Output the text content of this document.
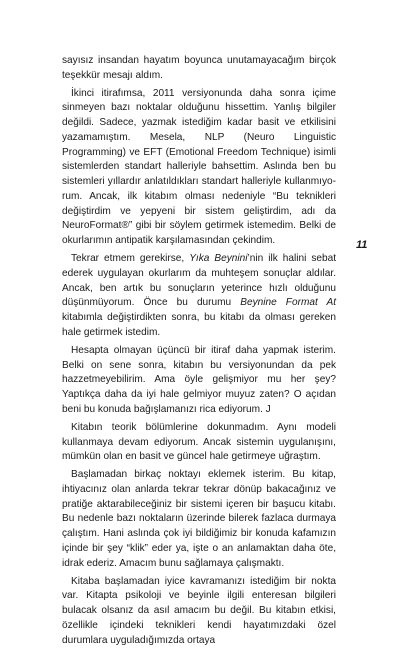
sayısız insandan hayatım boyunca unutamayacağım birçok teşekkür mesajı aldım.

İkinci itirafımsa, 2011 versiyonunda daha sonra içime sinmeyen bazı noktalar olduğunu hissettim. Yanlış bilgiler değildi. Sadece, yazmak istediğim kadar basit ve etkilisini yazamamıştım. Mesela, NLP (Neuro Linguistic Programming) ve EFT (Emotional Freedom Technique) isimli sistemlerden standart halleriyle bahsettim. Aslında ben bu sistemleri yıllardır anlatıldıkları standart halleriyle kullanmıyorum. Ancak, ilk kitabım olması nedeniyle “Bu teknikleri değiştirdim ve yepyeni bir sistem geliştirdim, adı da NeuroFormat®” gibi bir söylem getirmek istemedim. Belki de okurlarımın antipatik karşılamasından çekindim.

Tekrar etmem gerekirse, Yıka Beynini’nin ilk halini sebat ederek uygulayan okurlarım da muhteşem sonuçlar aldılar. Ancak, ben artık bu sonuçların yeterince hızlı olduğunu düşünmüyorum. Önce bu durumu Beynine Format At kitabımla değiştirdikten sonra, bu kitabı da olması gereken hale getirmek istedim.

Hesapta olmayan üçüncü bir itiraf daha yapmak isterim. Belki on sene sonra, kitabın bu versiyonundan da pek hazzetmeyebilirim. Ama öyle gelişmiyor mu her şey? Yaptıkça daha da iyi hale gelmiyor muyuz zaten? O açıdan beni bu konuda bağışlamanızı rica ediyorum. J

Kitabın teorik bölümlerine dokunmadım. Aynı modeli kullanmaya devam ediyorum. Ancak sistemin uygulanışını, mümkün olan en basit ve güncel hale getirmeye uğraştım.

Başlamadan birkaç noktayı eklemek isterim. Bu kitap, ihtiyacınız olan anlarda tekrar tekrar dönüp bakacağınız ve pratiğe aktarabileceğiniz bir sistemi içeren bir başucu kitabı. Bu nedenle bazı noktaların üzerinde bilerek fazlaca durmaya çalıştım. Hani aslında çok iyi bildiğimiz bir konuda kafamızın içinde bir şey “klik” eder ya, işte o an anlamaktan daha öte, idrak ederiz. Amacım bunu sağlamaya çalışmaktı.

Kitaba başlamadan iyice kavramanızı istediğim bir nokta var. Kitapta psikoloji ve beyinle ilgili enteresan bilgileri bulacak olsanız da asıl amacım bu değil. Bu kitabın etkisi, özellikle içindeki teknikleri kendi hayatımızdaki özel durumlara uyguladığımızda ortaya

11
